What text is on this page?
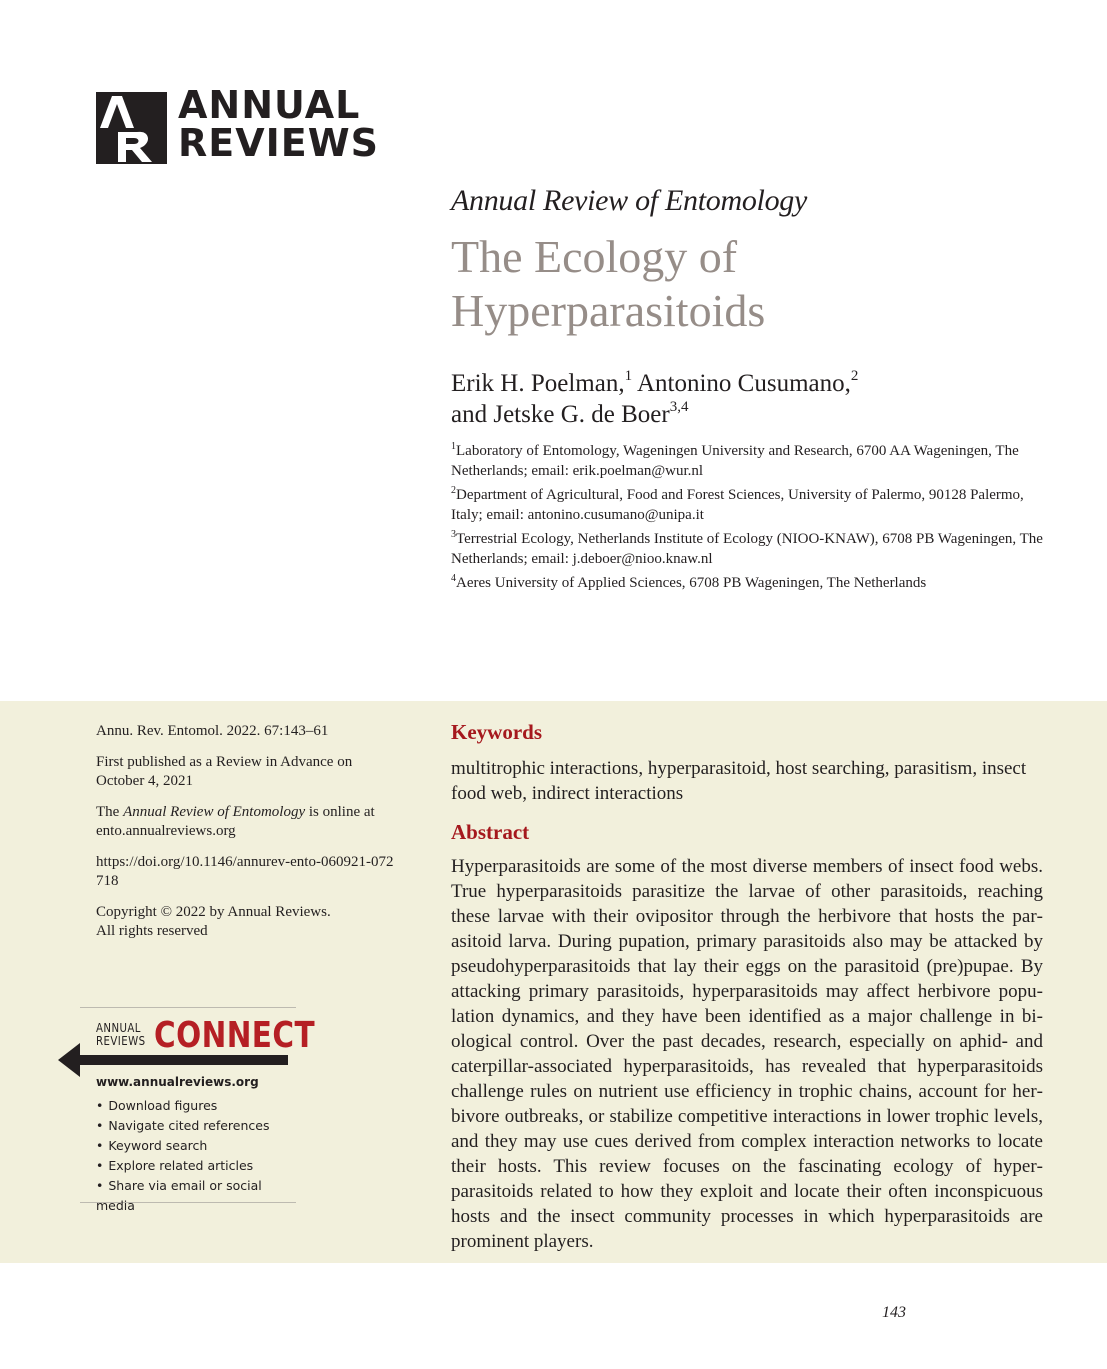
ANNUAL
REVIEWS
Annual Review of Entomology
The Ecology of
Hyperparasitoids
Erik H. Poelman,$^1$ Antonino Cusumano,$^2$
and Jetske G. de Boer$^{3,4}$

$^1$Laboratory of Entomology, Wageningen University and Research, 6700 AA Wageningen, The Netherlands; email: erik.poelman@wur.nl

$^2$Department of Agricultural, Food and Forest Sciences, University of Palermo, 90128 Palermo, Italy; email: antonino.cusumano@unipa.it

$^3$Terrestrial Ecology, Netherlands Institute of Ecology (NIOO-KNAW), 6708 PB Wageningen, The Netherlands; email: j.deboer@nioo.knaw.nl

$^4$Aeres University of Applied Sciences, 6708 PB Wageningen, The Netherlands

Annu. Rev. Entomol. 2022. 67:143–61

First published as a Review in Advance on October 4, 2021

The Annual Review of Entomology is online at ento.annualreviews.org

https://doi.org/10.1146/annurev-ento-060921-072718

Copyright © 2022 by Annual Reviews.
All rights reserved

ANNUAL
REVIEWS CONNECT
www.annualreviews.org
• Download figures
• Navigate cited references
• Keyword search
• Explore related articles
• Share via email or social media
Keywords
multitrophic interactions, hyperparasitoid, host searching, parasitism, insect food web, indirect interactions
Abstract
Hyperparasitoids are some of the most diverse members of insect food webs. True hyperparasitoids parasitize the larvae of other parasitoids, reaching these larvae with their ovipositor through the herbivore that hosts the parasitoid larva. During pupation, primary parasitoids also may be attacked by pseudohyperparasitoids that lay their eggs on the parasitoid (pre)pupae. By attacking primary parasitoids, hyperparasitoids may affect herbivore population dynamics, and they have been identified as a major challenge in biological control. Over the past decades, research, especially on aphid- and caterpillar-associated hyperparasitoids, has revealed that hyperparasitoids challenge rules on nutrient use efficiency in trophic chains, account for herbivore outbreaks, or stabilize competitive interactions in lower trophic levels, and they may use cues derived from complex interaction networks to locate their hosts. This review focuses on the fascinating ecology of hyperparasitoids related to how they exploit and locate their often inconspicuous hosts and the insect community processes in which hyperparasitoids are prominent players.
143
